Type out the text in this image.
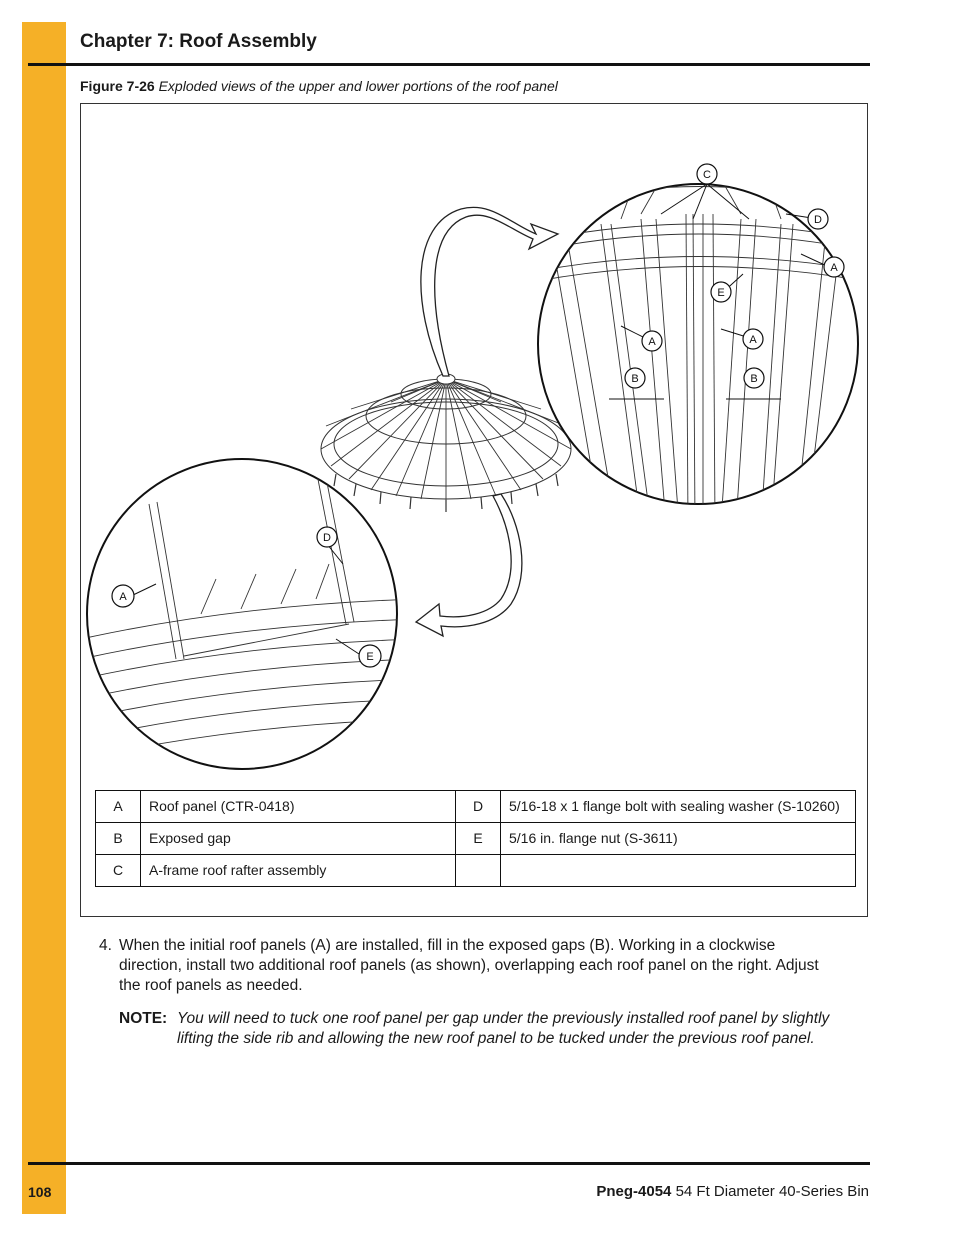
Chapter 7: Roof Assembly
Figure 7-26 Exploded views of the upper and lower portions of the roof panel
C
D
A
E
A	A
B	B
A
D
E
A	Roof panel (CTR-0418)	D	5/16-18 x 1 flange bolt with sealing washer (S-10260)
B	Exposed gap	E	5/16 in. flange nut (S-3611)
C	A-frame roof rafter assembly		
4. When the initial roof panels (A) are installed, fill in the exposed gaps (B). Working in a clockwise direction, install two additional roof panels (as shown), overlapping each roof panel on the right. Adjust the roof panels as needed.
NOTE: You will need to tuck one roof panel per gap under the previously installed roof panel by slightly lifting the side rib and allowing the new roof panel to be tucked under the previous roof panel.
108	Pneg-4054 54 Ft Diameter 40-Series Bin
